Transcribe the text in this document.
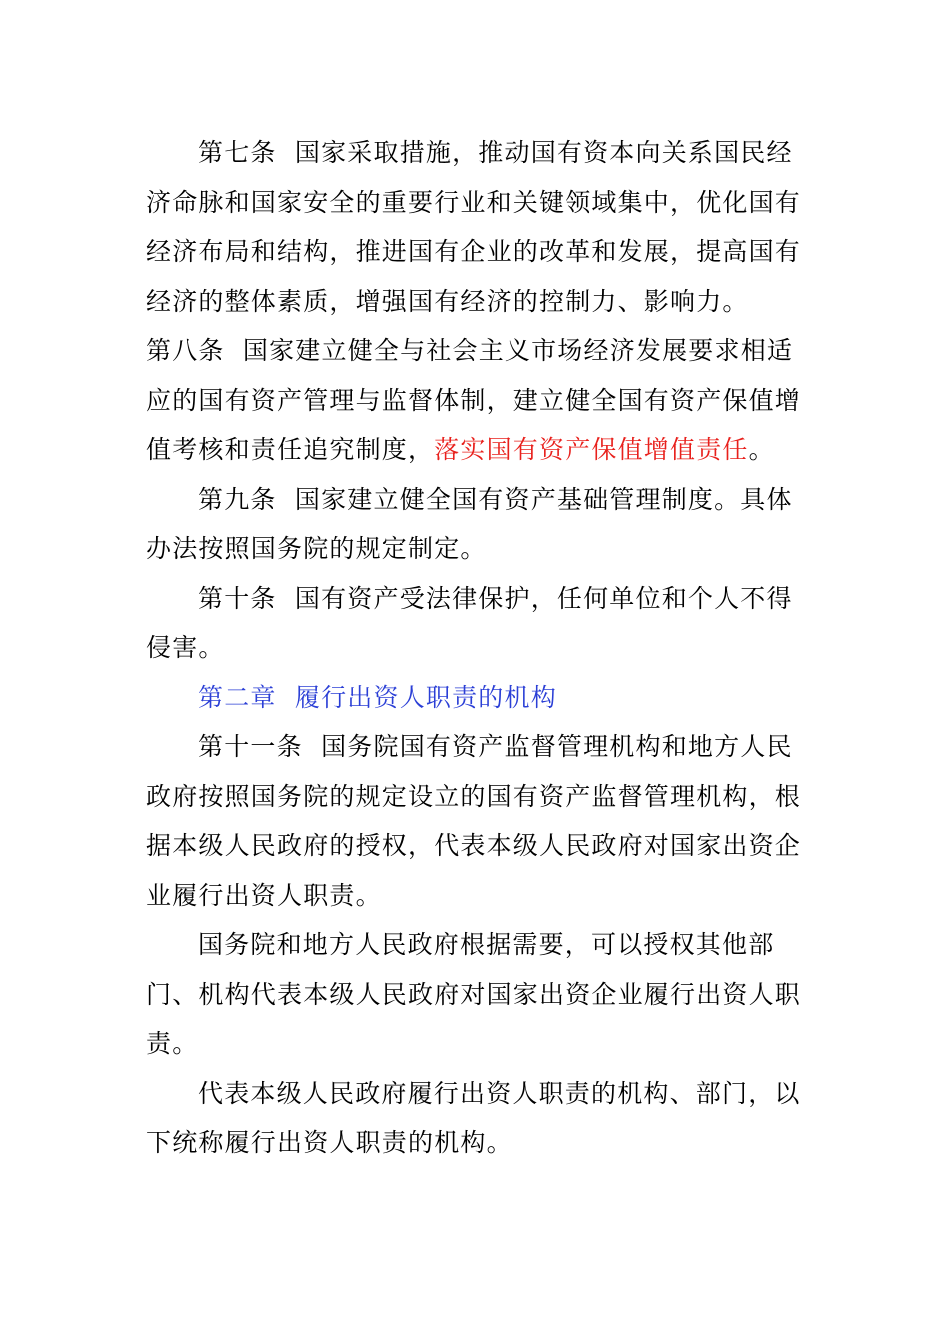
第七条 国家采取措施，推动国有资本向关系国民经济命脉和国家安全的重要行业和关键领域集中，优化国有经济布局和结构，推进国有企业的改革和发展，提高国有经济的整体素质，增强国有经济的控制力、影响力。

第八条 国家建立健全与社会主义市场经济发展要求相适应的国有资产管理与监督体制，建立健全国有资产保值增值考核和责任追究制度，落实国有资产保值增值责任。

第九条 国家建立健全国有资产基础管理制度。具体办法按照国务院的规定制定。

第十条 国有资产受法律保护，任何单位和个人不得侵害。

第二章 履行出资人职责的机构

第十一条 国务院国有资产监督管理机构和地方人民政府按照国务院的规定设立的国有资产监督管理机构，根据本级人民政府的授权，代表本级人民政府对国家出资企业履行出资人职责。

国务院和地方人民政府根据需要，可以授权其他部门、机构代表本级人民政府对国家出资企业履行出资人职责。

代表本级人民政府履行出资人职责的机构、部门，以下统称履行出资人职责的机构。
